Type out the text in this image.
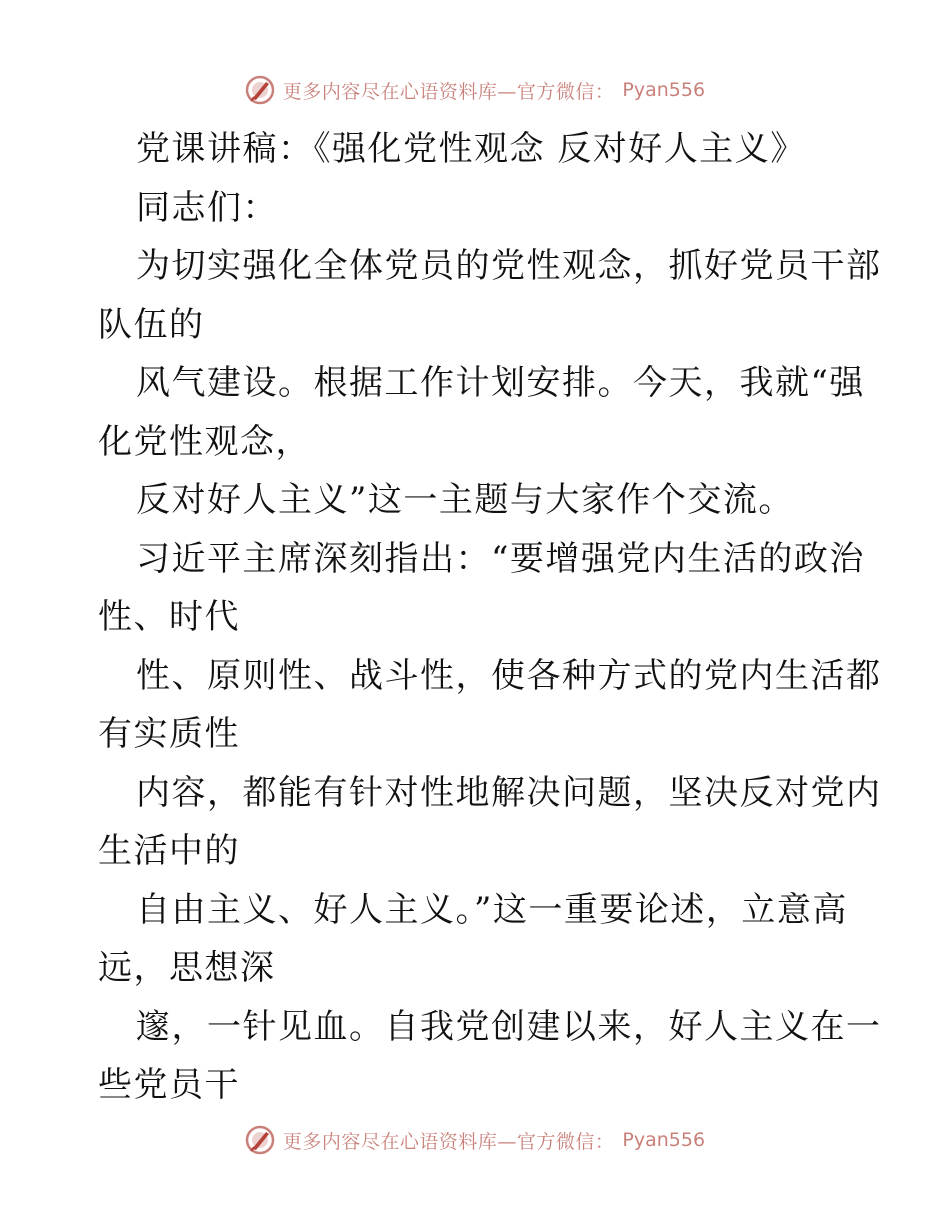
更多内容尽在心语资料库—官方微信： Pyan556
党课讲稿：《强化党性观念 反对好人主义》
同志们：
为切实强化全体党员的党性观念，抓好党员干部
队伍的
风气建设。根据工作计划安排。今天，我就“强
化党性观念，
反对好人主义”这一主题与大家作个交流。
习近平主席深刻指出：“要增强党内生活的政治
性、时代
性、原则性、战斗性，使各种方式的党内生活都
有实质性
内容，都能有针对性地解决问题，坚决反对党内
生活中的
自由主义、好人主义。”这一重要论述，立意高
远，思想深
邃，一针见血。自我党创建以来，好人主义在一
些党员干
更多内容尽在心语资料库—官方微信： Pyan556
